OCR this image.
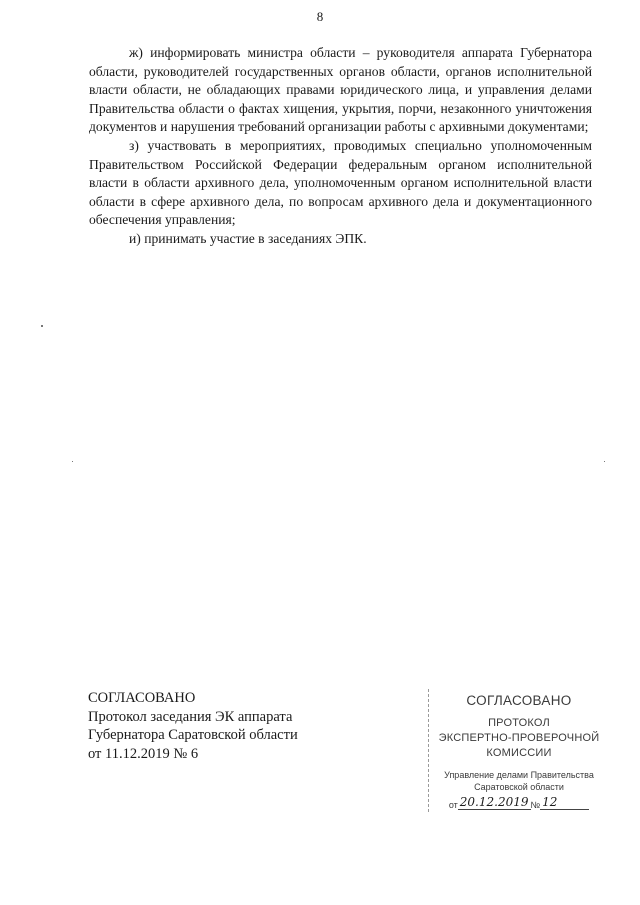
8

ж) информировать министра области – руководителя аппарата Губернатора области, руководителей государственных органов области, органов исполнительной власти области, не обладающих правами юридического лица, и управления делами Правительства области о фактах хищения, укрытия, порчи, незаконного уничтожения документов и нарушения требований организации работы с архивными документами;

з) участвовать в мероприятиях, проводимых специально уполномоченным Правительством Российской Федерации федеральным органом исполнительной власти в области архивного дела, уполномоченным органом исполнительной власти области в сфере архивного дела, по вопросам архивного дела и документационного обеспечения управления;

и) принимать участие в заседаниях ЭПК.

СОГЛАСОВАНО
Протокол заседания ЭК аппарата
Губернатора Саратовской области
от 11.12.2019 № 6
СОГЛАСОВАНО
ПРОТОКОЛ
ЭКСПЕРТНО-ПРОВЕРОЧНОЙ
КОМИССИИ
Управление делами Правительства
Саратовской области
от 20.12.2019 № 12
